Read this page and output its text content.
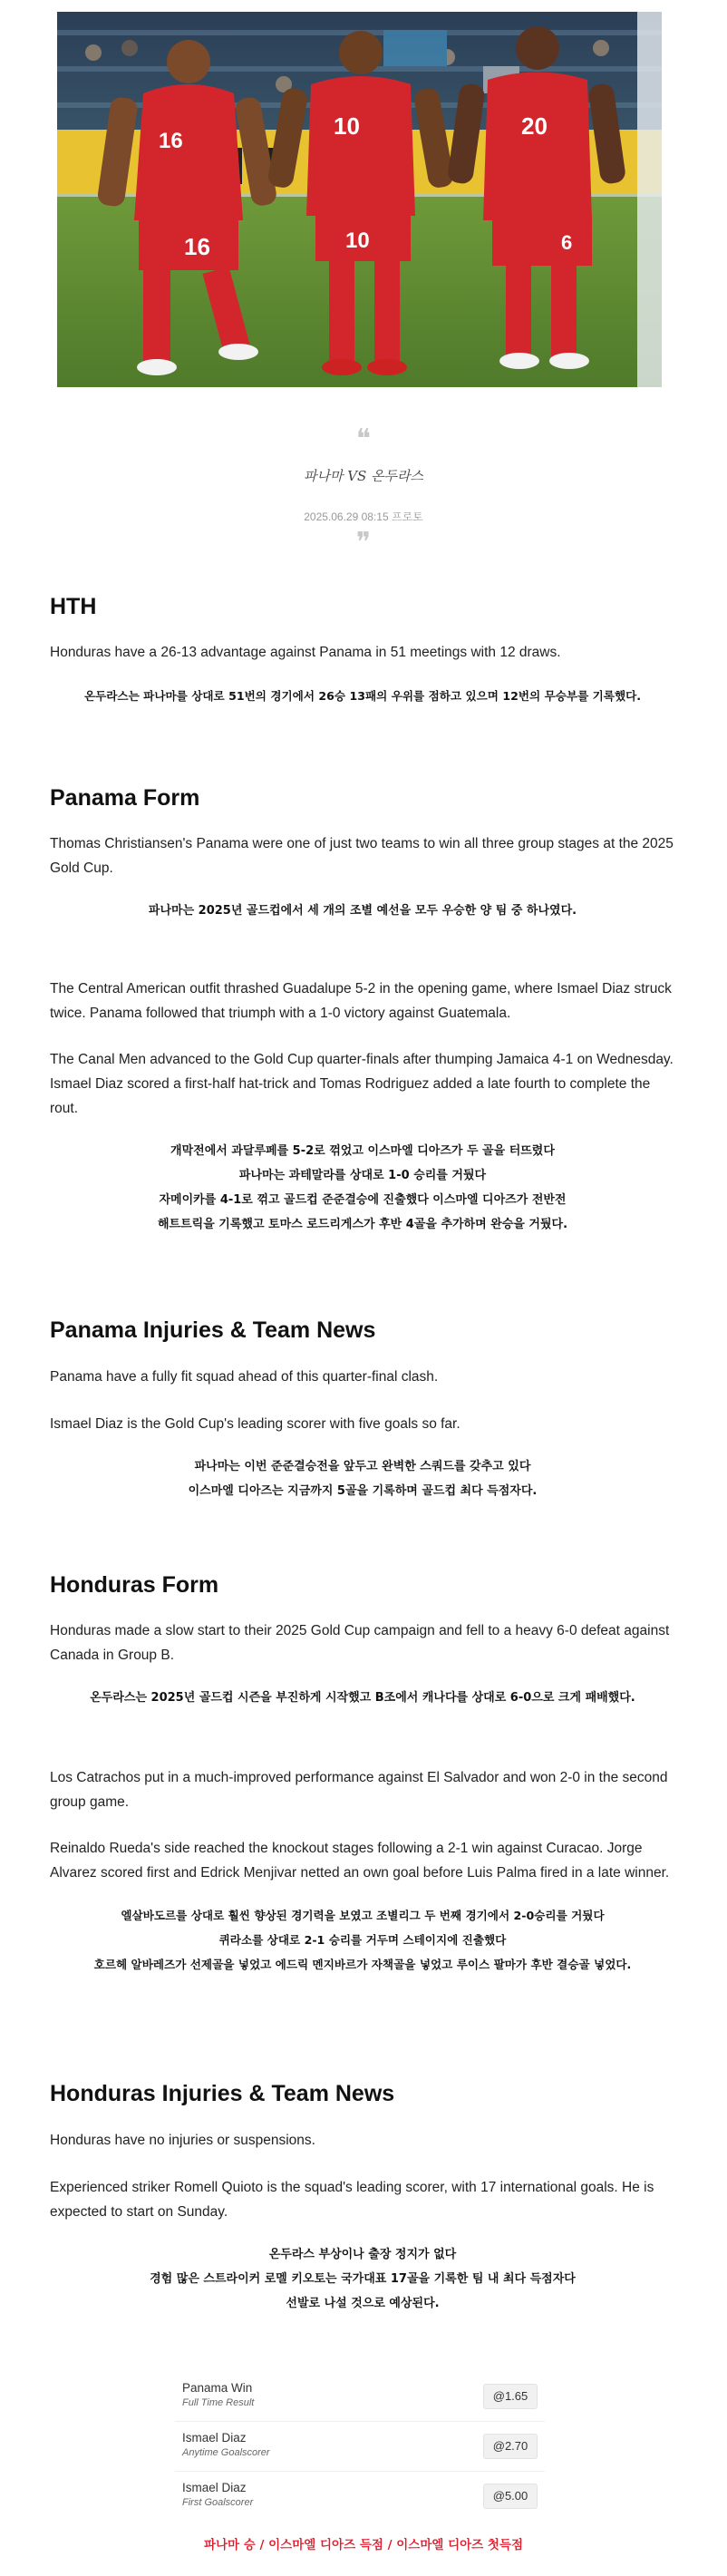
16
16
10
10
20
6
❝
파나마 VS 온두라스
2025.06.29 08:15 프로토
❞
HTH

Honduras have a 26-13 advantage against Panama in 51 meetings with 12 draws.

온두라스는 파나마를 상대로 51번의 경기에서 26승 13패의 우위를 점하고 있으며 12번의 무승부를 기록했다.

Panama Form

Thomas Christiansen's Panama were one of just two teams to win all three group stages at the 2025 Gold Cup.

파나마는 2025년 골드컵에서 세 개의 조별 예선을 모두 우승한 양 팀 중 하나였다.

The Central American outfit thrashed Guadalupe 5-2 in the opening game, where Ismael Diaz struck twice. Panama followed that triumph with a 1-0 victory against Guatemala.

The Canal Men advanced to the Gold Cup quarter-finals after thumping Jamaica 4-1 on Wednesday. Ismael Diaz scored a first-half hat-trick and Tomas Rodriguez added a late fourth to complete the rout.

개막전에서 과달루페를 5-2로 꺾었고 이스마엘 디아즈가 두 골을 터뜨렸다

파나마는 과테말라를 상대로 1-0 승리를 거뒀다

자메이카를 4-1로 꺾고 골드컵 준준결승에 진출했다 이스마엘 디아즈가 전반전

해트트릭을 기록했고 토마스 로드리게스가 후반 4골을 추가하며 완승을 거뒀다.

Panama Injuries & Team News

Panama have a fully fit squad ahead of this quarter-final clash.

Ismael Diaz is the Gold Cup's leading scorer with five goals so far.

파나마는 이번 준준결승전을 앞두고 완벽한 스쿼드를 갖추고 있다

이스마엘 디아즈는 지금까지 5골을 기록하며 골드컵 최다 득점자다.

Honduras Form

Honduras made a slow start to their 2025 Gold Cup campaign and fell to a heavy 6-0 defeat against Canada in Group B.

온두라스는 2025년 골드컵 시즌을 부진하게 시작했고 B조에서 캐나다를 상대로 6-0으로 크게 패배했다.

Los Catrachos put in a much-improved performance against El Salvador and won 2-0 in the second group game.

Reinaldo Rueda's side reached the knockout stages following a 2-1 win against Curacao. Jorge Alvarez scored first and Edrick Menjivar netted an own goal before Luis Palma fired in a late winner.

엘살바도르를 상대로 훨씬 향상된 경기력을 보였고 조별리그 두 번째 경기에서 2-0승리를 거뒀다

퀴라소를 상대로 2-1 승리를 거두며 스테이지에 진출했다

호르헤 알바레즈가 선제골을 넣었고 에드릭 멘지바르가 자책골을 넣었고 루이스 팔마가 후반 결승골 넣었다.

Honduras Injuries & Team News

Honduras have no injuries or suspensions.

Experienced striker Romell Quioto is the squad's leading scorer, with 17 international goals. He is expected to start on Sunday.

온두라스 부상이나 출장 정지가 없다

경험 많은 스트라이커 로멜 키오토는 국가대표 17골을 기록한 팀 내 최다 득점자다

선발로 나설 것으로 예상된다.

Panama Win
Full Time Result	@1.65
Ismael Diaz
Anytime Goalscorer	@2.70
Ismael Diaz
First Goalscorer	@5.00
파나마 승 / 이스마엘 디아즈 득점 / 이스마엘 디아즈 첫득점
